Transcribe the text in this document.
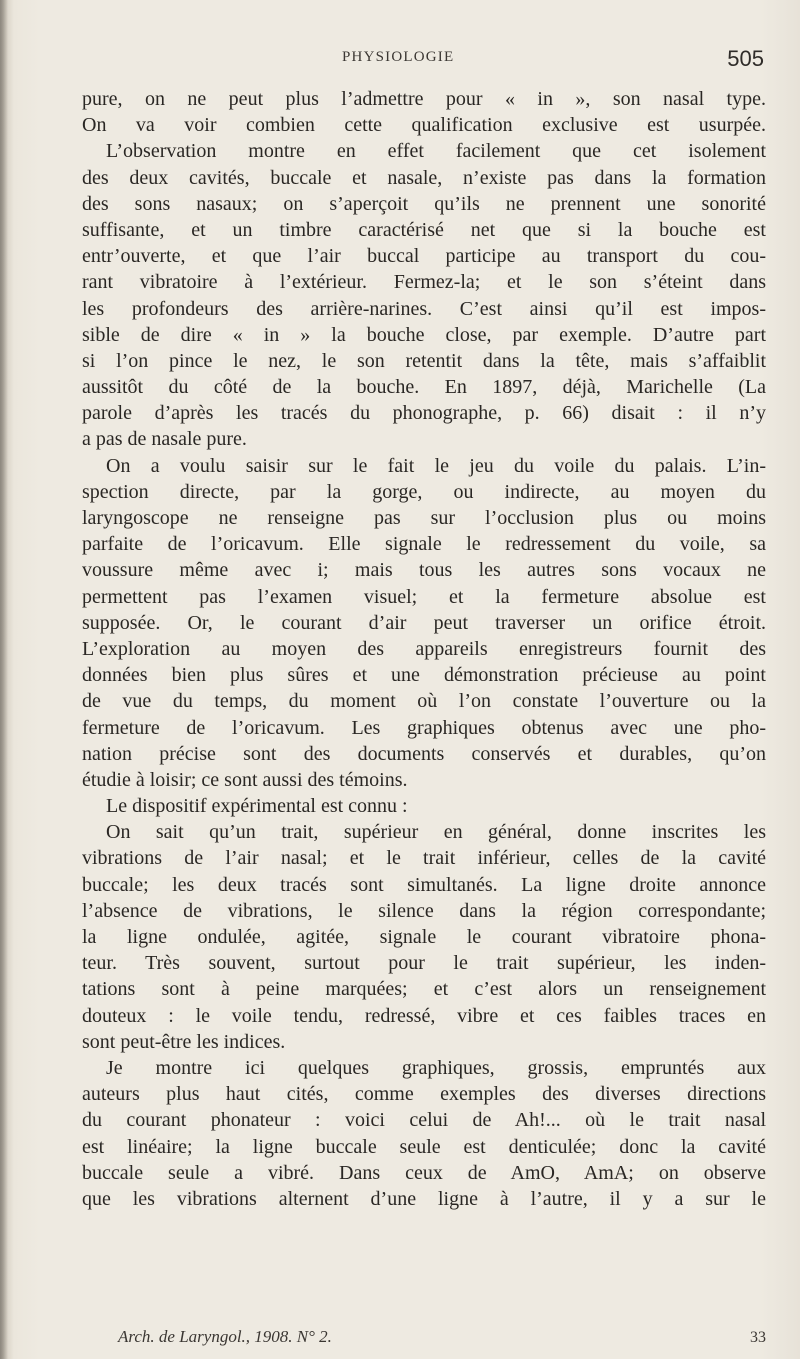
PHYSIOLOGIE	505
pure, on ne peut plus l’admettre pour « in », son nasal type.
On va voir combien cette qualification exclusive est usurpée.
L’observation montre en effet facilement que cet isolement
des deux cavités, buccale et nasale, n’existe pas dans la formation
des sons nasaux; on s’aperçoit qu’ils ne prennent une sonorité
suffisante, et un timbre caractérisé net que si la bouche est
entr’ouverte, et que l’air buccal participe au transport du cou-
rant vibratoire à l’extérieur. Fermez-la; et le son s’éteint dans
les profondeurs des arrière-narines. C’est ainsi qu’il est impos-
sible de dire « in » la bouche close, par exemple. D’autre part
si l’on pince le nez, le son retentit dans la tête, mais s’affaiblit
aussitôt du côté de la bouche. En 1897, déjà, Marichelle (La
parole d’après les tracés du phonographe, p. 66) disait : il n’y
a pas de nasale pure.
On a voulu saisir sur le fait le jeu du voile du palais. L’in-
spection directe, par la gorge, ou indirecte, au moyen du
laryngoscope ne renseigne pas sur l’occlusion plus ou moins
parfaite de l’oricavum. Elle signale le redressement du voile, sa
voussure même avec i; mais tous les autres sons vocaux ne
permettent pas l’examen visuel; et la fermeture absolue est
supposée. Or, le courant d’air peut traverser un orifice étroit.
L’exploration au moyen des appareils enregistreurs fournit des
données bien plus sûres et une démonstration précieuse au point
de vue du temps, du moment où l’on constate l’ouverture ou la
fermeture de l’oricavum. Les graphiques obtenus avec une pho-
nation précise sont des documents conservés et durables, qu’on
étudie à loisir; ce sont aussi des témoins.
Le dispositif expérimental est connu :
On sait qu’un trait, supérieur en général, donne inscrites les
vibrations de l’air nasal; et le trait inférieur, celles de la cavité
buccale; les deux tracés sont simultanés. La ligne droite annonce
l’absence de vibrations, le silence dans la région correspondante;
la ligne ondulée, agitée, signale le courant vibratoire phona-
teur. Très souvent, surtout pour le trait supérieur, les inden-
tations sont à peine marquées; et c’est alors un renseignement
douteux : le voile tendu, redressé, vibre et ces faibles traces en
sont peut-être les indices.
Je montre ici quelques graphiques, grossis, empruntés aux
auteurs plus haut cités, comme exemples des diverses directions
du courant phonateur : voici celui de Ah!... où le trait nasal
est linéaire; la ligne buccale seule est denticulée; donc la cavité
buccale seule a vibré. Dans ceux de AmO, AmA; on observe
que les vibrations alternent d’une ligne à l’autre, il y a sur le
Arch. de Laryngol., 1908. N° 2.	33
